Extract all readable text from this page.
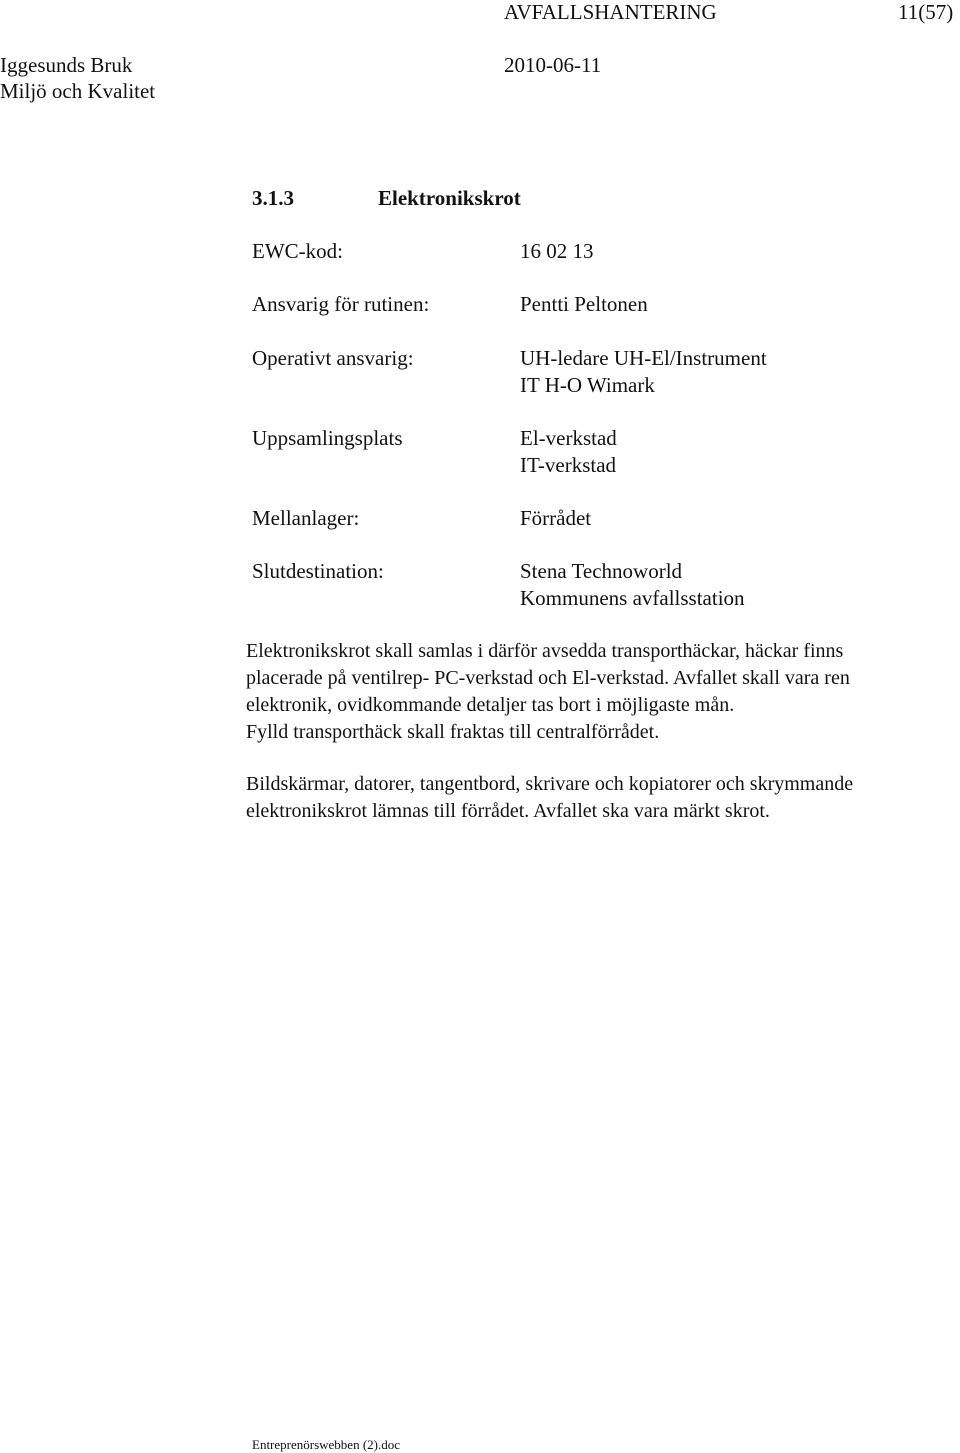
AVFALLSHANTERING	11(57)
Iggesunds Bruk	2010-06-11
Miljö och Kvalitet
3.1.3	Elektronikskrot
EWC-kod:	16 02 13
Ansvarig för rutinen:	Pentti Peltonen
Operativt ansvarig:	UH-ledare UH-El/Instrument
IT H-O Wimark
Uppsamlingsplats	El-verkstad
IT-verkstad
Mellanlager:	Förrådet
Slutdestination:	Stena Technoworld
Kommunens avfallsstation
Elektronikskrot skall samlas i därför avsedda transporthäckar, häckar finns
placerade på ventilrep- PC-verkstad och El-verkstad. Avfallet skall vara ren
elektronik, ovidkommande detaljer tas bort i möjligaste mån.
Fylld transporthäck skall fraktas till centralförrådet.
Bildskärmar, datorer, tangentbord, skrivare och kopiatorer och skrymmande
elektronikskrot lämnas till förrådet. Avfallet ska vara märkt skrot.
Entreprenörswebben (2).doc
